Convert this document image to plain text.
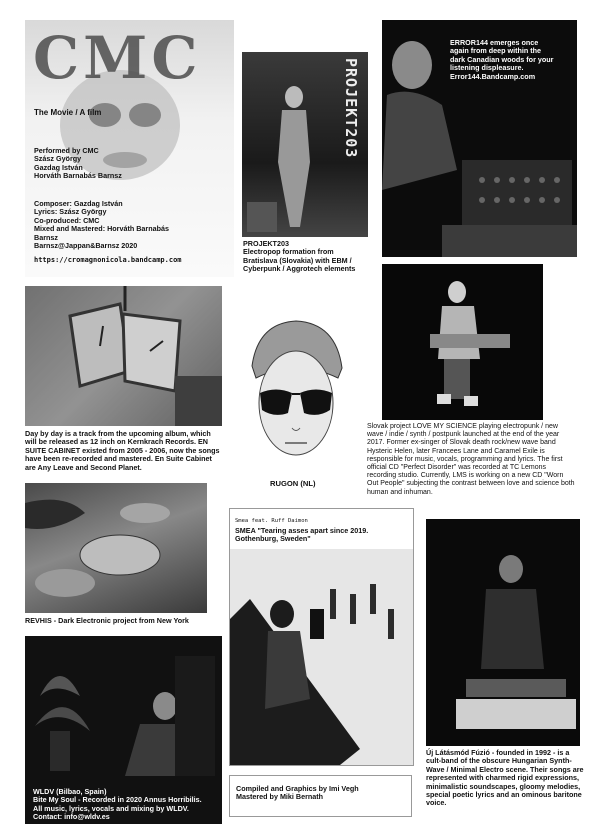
CMC
The Movie / A film
Performed by CMC
Szász György
Gazdag István
Horváth Barnabás Barnsz
Composer: Gazdag István
Lyrics: Szász György
Co-produced: CMC
Mixed and Mastered: Horváth Barnabás
Barnsz
Barnsz@Jappan&Barnsz 2020
https://cromagnonicola.bandcamp.com
PROJEKT203
PROJEKT203
Electropop formation from
Bratislava (Slovakia) with EBM /
Cyberpunk / Aggrotech elements
ERROR144 emerges once
again from deep within the
dark Canadian woods for your
listening displeasure.
Error144.Bandcamp.com
Day by day is a track from the upcoming album, which will be released as 12 inch on Kernkrach Records. EN SUITE CABINET existed from 2005 - 2006, now the songs have been re-recorded and mastered. En Suite Cabinet are Any Leave and Second Planet.
RUGON (NL)
Slovak project LOVE MY SCIENCE playing electropunk / new wave / indie / synth / postpunk launched at the end of the year 2017. Former ex-singer of Slovak death rock/new wave band Hysteric Helen, later Francees Lane and Caramel Exile is responsible for music, vocals, programming and lyrics. The first official CD "Perfect Disorder" was recorded at TC Lemons recording studio. Currently, LMS is working on a new CD "Worn Out People" subjecting the contrast between love and science both human and inhuman.
REVHIS - Dark Electronic project from New York
Smea feat. Ruff Daimon
SMEA "Tearing asses apart since 2019.
Gothenburg, Sweden"
Új Látásmód Fúzió - founded in 1992 - is a cult-band of the obscure Hungarian Synth-Wave / Minimal Electro scene. Their songs are represented with charmed rigid expressions, minimalistic soundscapes, gloomy melodies, special poetic lyrics and an ominous baritone voice.
WLDV (Bilbao, Spain)
Bite My Soul - Recorded in 2020 Annus Horribilis.
All music, lyrics, vocals and mixing by WLDV.
Contact: info@wldv.es
Compiled and Graphics by Imi Vegh
Mastered by Miki Bernath
